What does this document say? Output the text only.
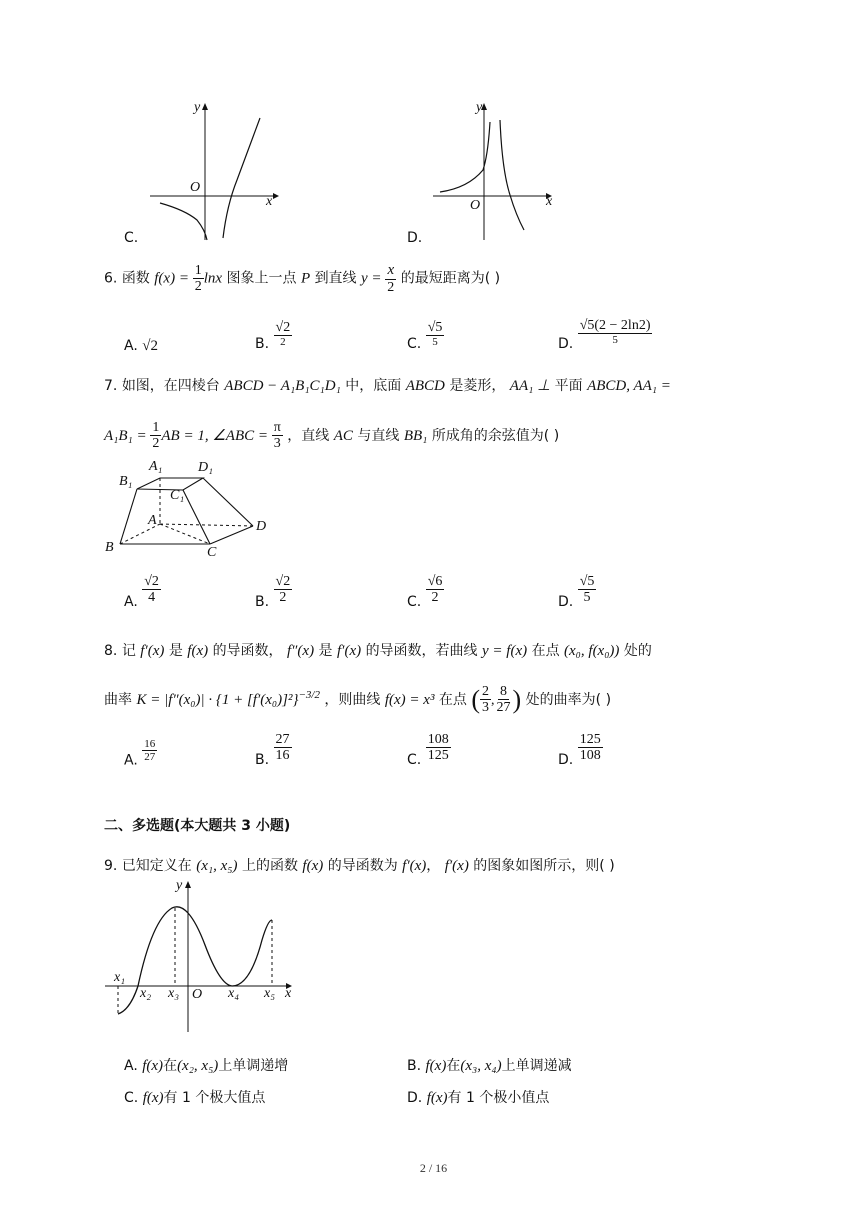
y
x
O
C.
y
x
O
D.
6. 函数 $f(x) = \frac{1}{2}$ lnx 图象上一点 P 到直线 $y = \frac{x}{2}$ 的最短距离为( )
A. √2	B. $\frac{√2}{2}$	C. $\frac{√5}{5}$	D. $\frac{√5(2 - 2\ln 2)}{5}$
7. 如图，在四棱台 ABCD − A₁B₁C₁D₁ 中，底面 ABCD 是菱形， AA₁ ⊥ 平面 ABCD, AA₁ =
$A_1B_1 = \frac{1}{2}$ AB = 1, ∠ABC = $\frac{\pi}{3}$ ，直线 AC 与直线 BB₁ 所成角的余弦值为( )
A₁	D₁
B₁
C₁
A	D
B	C
A. $\frac{√2}{4}$	B. $\frac{√2}{2}$	C. $\frac{√6}{2}$	D. $\frac{√5}{5}$
8. 记 f′(x) 是 f(x) 的导函数， f″(x) 是 f′(x) 的导函数，若曲线 y = f(x) 在点 (x₀, f(x₀)) 处的
曲率 $K = |f''(x_0)| \cdot \{1 + [f'(x_0)]^2\}^{-3/2}$ ，则曲线 f(x) = x³ 在点 ( $\frac{2}{3}$ , $\frac{8}{27}$ ) 处的曲率为( )
A. $\frac{16}{27}$	B. $\frac{27}{16}$	C. $\frac{108}{125}$	D. $\frac{125}{108}$
二、多选题(本大题共 3 小题)
9. 已知定义在 (x₁, x₅) 上的函数 f(x) 的导函数为 f′(x)， f′(x) 的图象如图所示，则( )
y
x
O
x₁
x₂ x₃	x₄ x₅
A. f(x)在(x₂, x₅)上单调递增	B. f(x)在(x₃, x₄)上单调递减
C. f(x)有 1 个极大值点	D. f(x)有 1 个极小值点
2 / 16
